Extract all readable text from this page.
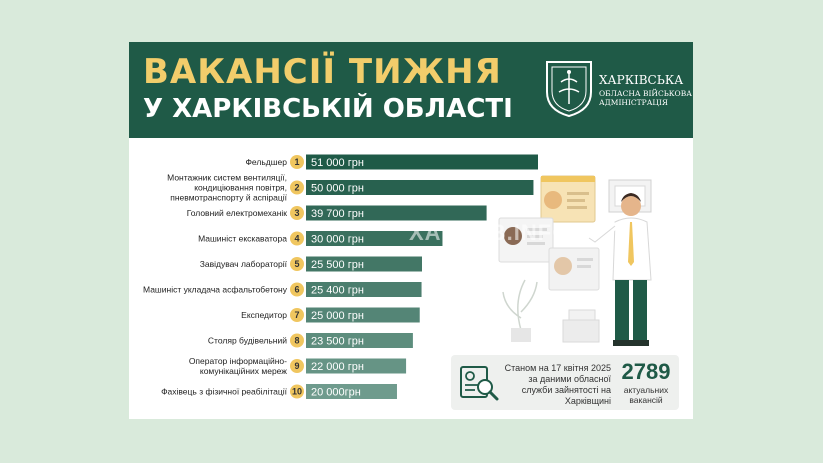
ВАКАНСІЇ ТИЖНЯ
У ХАРКІВСЬКІЙ ОБЛАСТІ
ХАРКІВСЬКА
ОБЛАСНА ВІЙСЬКОВА
АДМІНІСТРАЦІЯ
51 000 грн
1
Фельдшер
50 000 грн
2
Монтажник систем вентиляції, кондиціювання повітря, пневмотранспорту й аспірації
39 700 грн
3
Головний електромеханік
30 000 грн
4
Машиніст екскаватора
25 500 грн
5
Завідувач лабораторії
25 400 грн
6
Машиніст укладача асфальтобетону
25 000 грн
7
Експедитор
23 500 грн
8
Столяр будівельний
22 000 грн
9
Оператор інформаційно-комунікаційних мереж
20 000грн
10
Фахівець з фізичної реабілітації
ХАРКОВ.INFO
Станом на 17 квітня 2025 за даними обласної служби зайнятості на Харківщині
2789
актуальних вакансій
